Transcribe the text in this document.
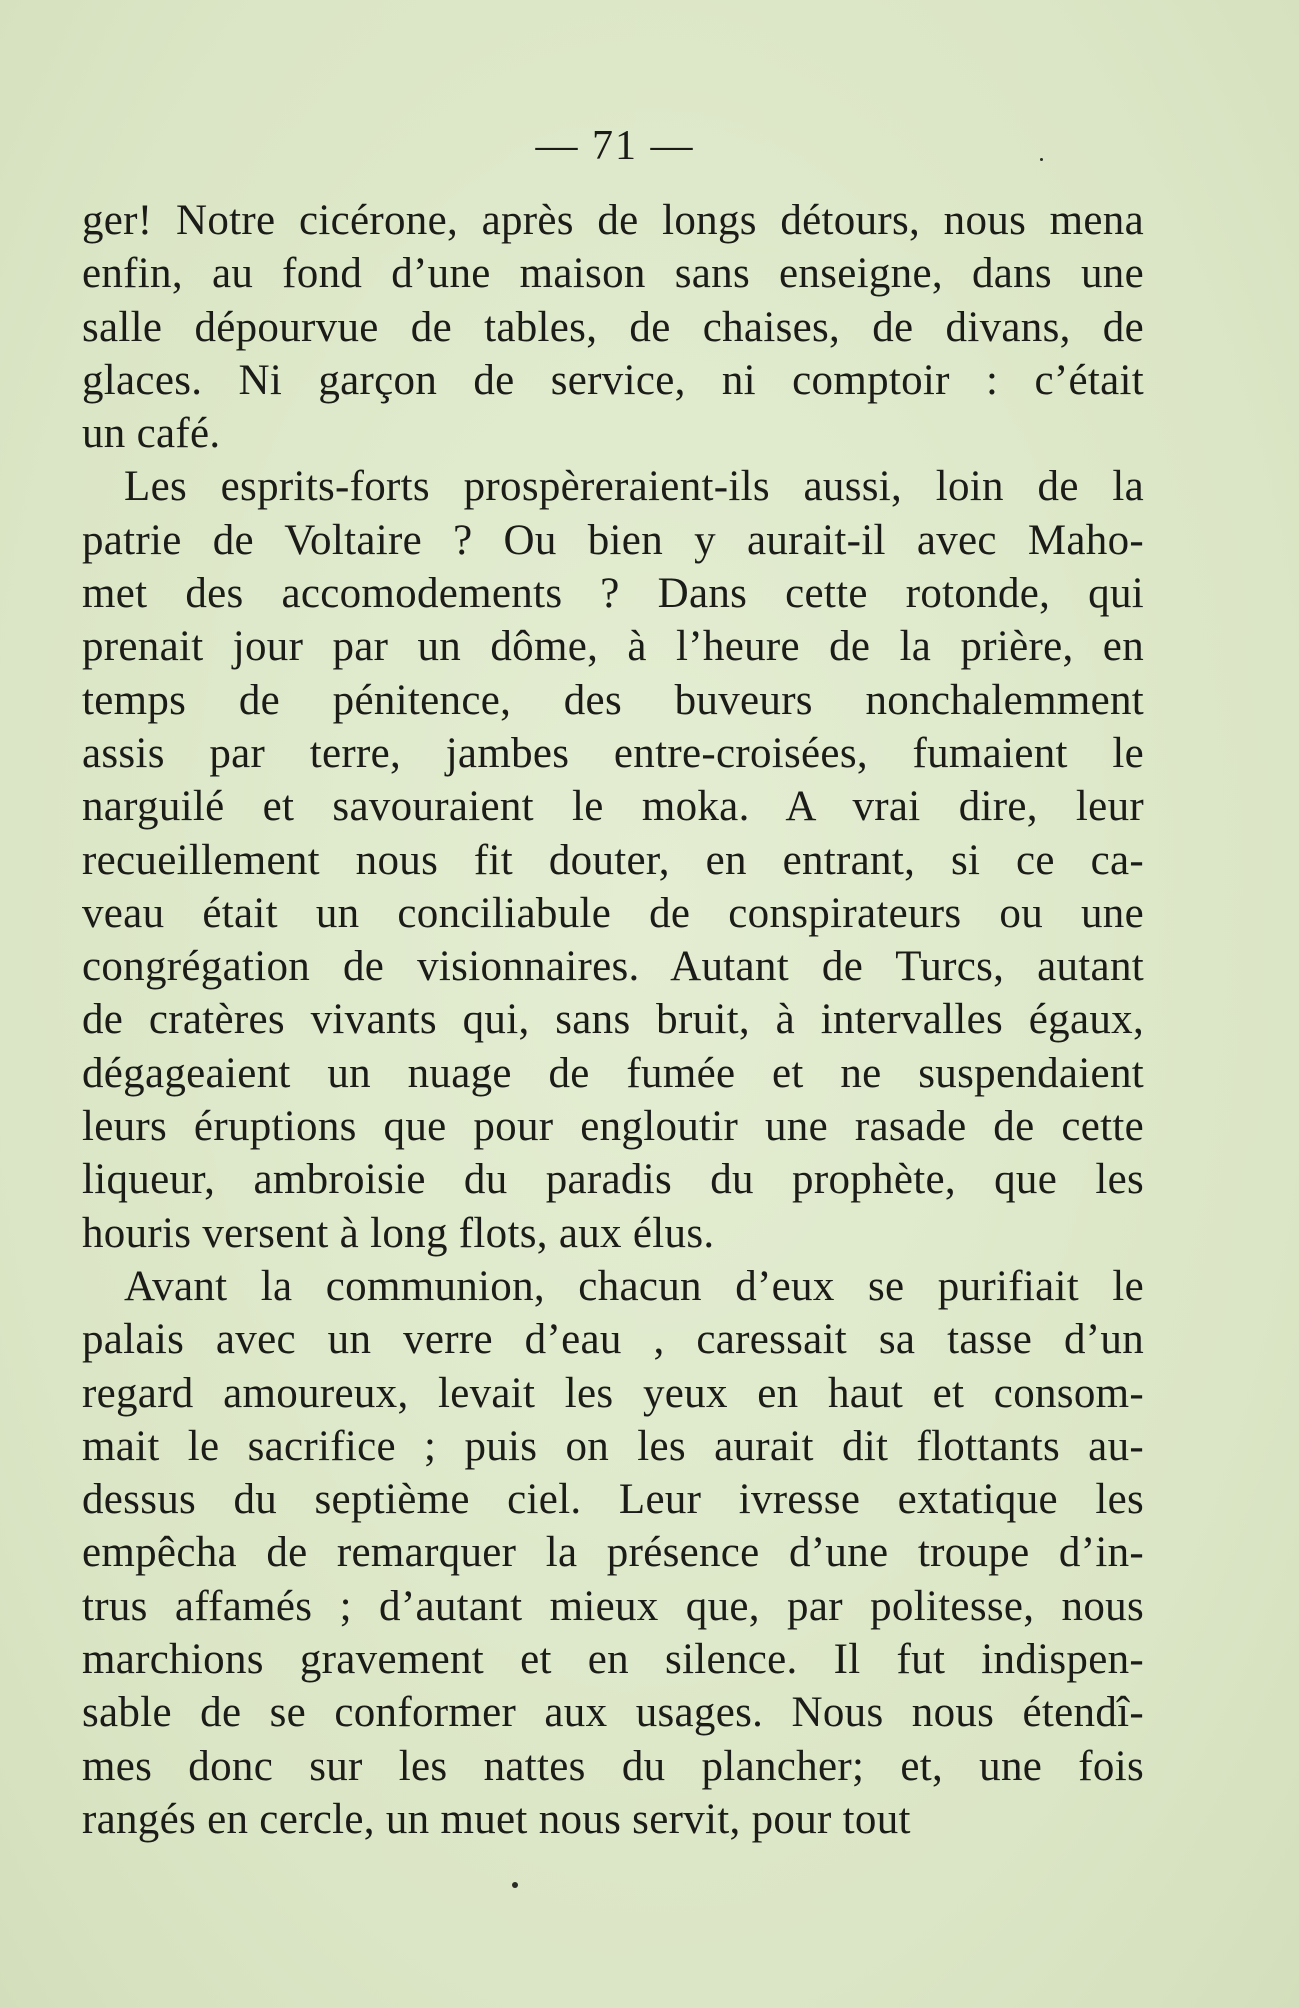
— 71 —
ger! Notre cicérone, après de longs détours, nous mena
enfin, au fond d’une maison sans enseigne, dans une
salle dépourvue de tables, de chaises, de divans, de
glaces. Ni garçon de service, ni comptoir : c’était
un café.
Les esprits-forts prospèreraient-ils aussi, loin de la
patrie de Voltaire ? Ou bien y aurait-il avec Maho-
met des accomodements ? Dans cette rotonde, qui
prenait jour par un dôme, à l’heure de la prière, en
temps de pénitence, des buveurs nonchalemment
assis par terre, jambes entre-croisées, fumaient le
narguilé et savouraient le moka. A vrai dire, leur
recueillement nous fit douter, en entrant, si ce ca-
veau était un conciliabule de conspirateurs ou une
congrégation de visionnaires. Autant de Turcs, autant
de cratères vivants qui, sans bruit, à intervalles égaux,
dégageaient un nuage de fumée et ne suspendaient
leurs éruptions que pour engloutir une rasade de cette
liqueur, ambroisie du paradis du prophète, que les
houris versent à long flots, aux élus.
Avant la communion, chacun d’eux se purifiait le
palais avec un verre d’eau , caressait sa tasse d’un
regard amoureux, levait les yeux en haut et consom-
mait le sacrifice ; puis on les aurait dit flottants au-
dessus du septième ciel. Leur ivresse extatique les
empêcha de remarquer la présence d’une troupe d’in-
trus affamés ; d’autant mieux que, par politesse, nous
marchions gravement et en silence. Il fut indispen-
sable de se conformer aux usages. Nous nous étendî-
mes donc sur les nattes du plancher; et, une fois
rangés en cercle, un muet nous servit, pour tout
